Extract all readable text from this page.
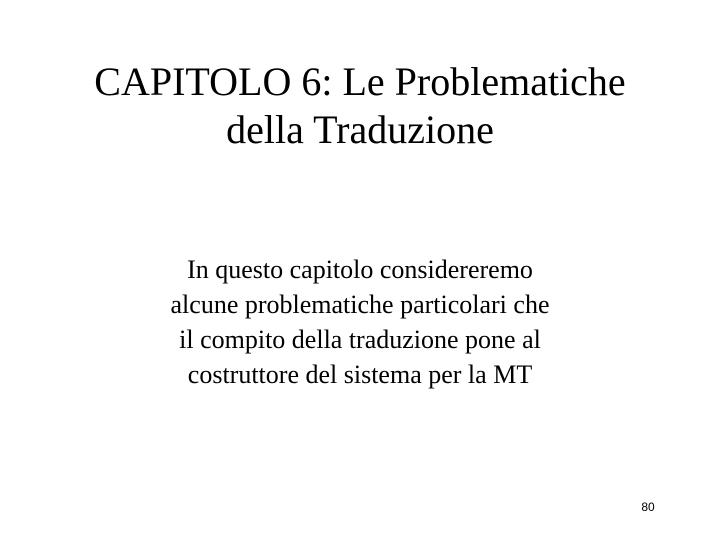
CAPITOLO 6: Le Problematiche
della Traduzione
In questo capitolo considereremo
alcune problematiche particolari che
il compito della traduzione pone al
costruttore del sistema per la MT
80
